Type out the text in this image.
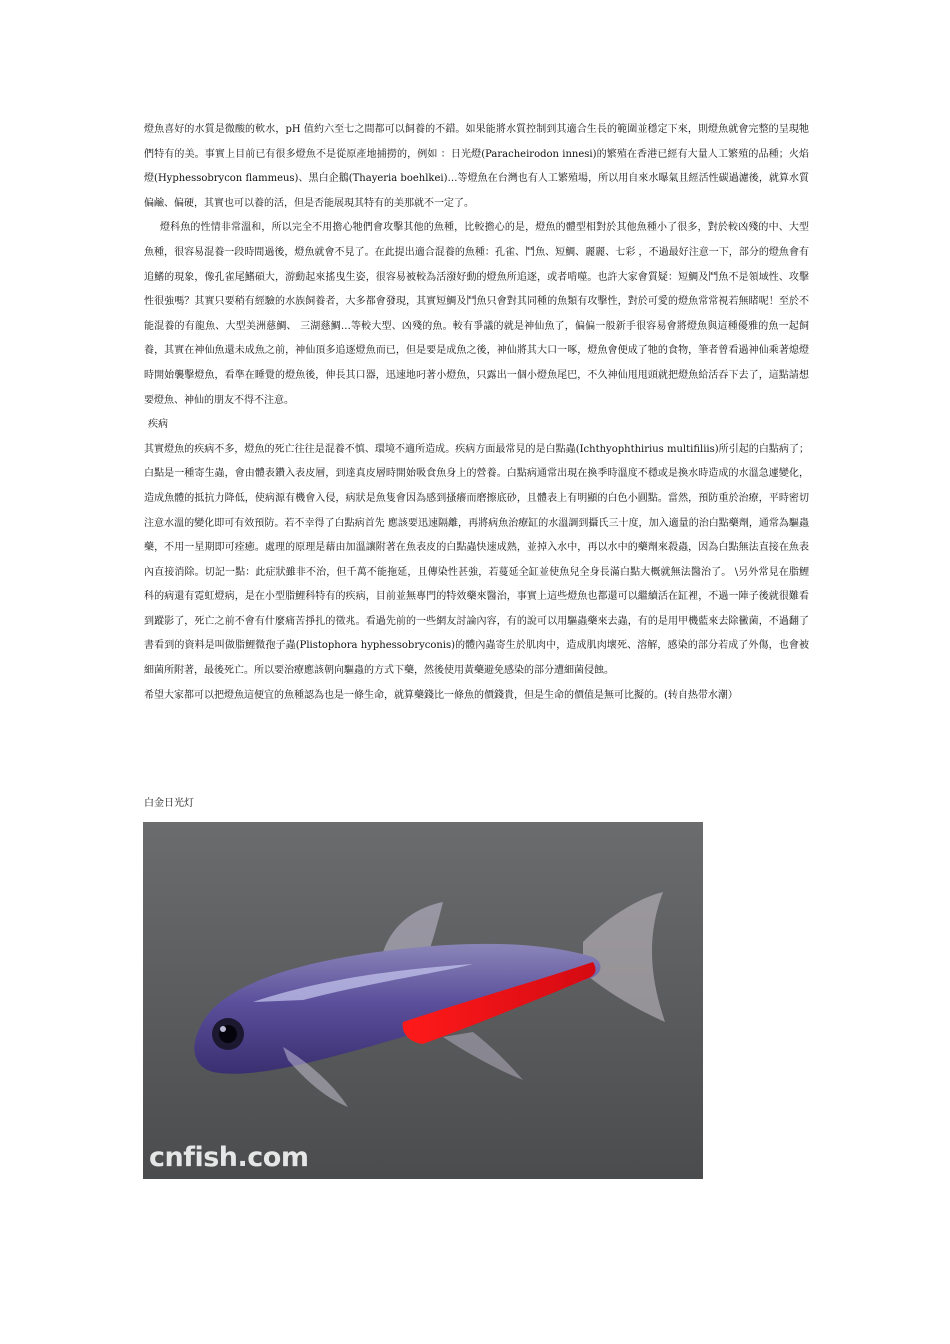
燈魚喜好的水質是微酸的軟水，pH 值約六至七之間都可以飼養的不錯。如果能將水質控制到其適合生長的範圍並穩定下來，則燈魚就會完整的呈現牠們特有的美。事實上目前已有很多燈魚不是從原產地捕撈的，例如 ：日光燈(Paracheirodon innesi)的繁殖在香港已經有大量人工繁殖的品種；火焰燈(Hyphessobrycon flammeus)、黑白企鵝(Thayeria boehlkei)…等燈魚在台灣也有人工繁殖場，所以用自來水曝氣且經活性碳過濾後，就算水質偏鹼、偏硬，其實也可以養的活，但是否能展現其特有的美那就不一定了。

燈科魚的性情非常溫和，所以完全不用擔心牠們會攻擊其他的魚種，比較擔心的是，燈魚的體型相對於其他魚種小了很多，對於較凶殘的中、大型魚種，很容易混養一段時間過後，燈魚就會不見了。在此提出適合混養的魚種：孔雀、鬥魚、短鯛、麗麗、七彩 ，不過最好注意一下，部分的燈魚會有追鰭的現象，像孔雀尾鰭碩大，游動起來搖曳生姿，很容易被較為活潑好動的燈魚所追逐，或者啃噬。也許大家會質疑：短鯛及鬥魚不是領域性、攻擊性很強嗎？其實只要稍有經驗的水族飼養者，大多都會發現，其實短鯛及鬥魚只會對其同種的魚類有攻擊性，對於可愛的燈魚常常視若無睹呢！至於不能混養的有龍魚、大型美洲慈鯛、 三湖慈鯛…等較大型、凶殘的魚。較有爭議的就是神仙魚了，偏偏一般新手很容易會將燈魚與這種優雅的魚一起飼養，其實在神仙魚還未成魚之前，神仙頂多追逐燈魚而已，但是要是成魚之後，神仙將其大口一啄，燈魚會便成了牠的食物，筆者曾看過神仙乘著熄燈時開始襲擊燈魚，看準在睡覺的燈魚後，伸長其口器，迅速地叼著小燈魚，只露出一個小燈魚尾巴，不久神仙甩甩頭就把燈魚給活吞下去了，這點請想要燈魚、神仙的朋友不得不注意。

疾病

其實燈魚的疾病不多，燈魚的死亡往往是混養不慎、環境不適所造成。疾病方面最常見的是白點蟲(Ichthyophthirius multifiliis)所引起的白點病了；白點是一種寄生蟲，會由體表鑽入表皮層，到達真皮層時開始吸食魚身上的營養。白點病通常出現在換季時溫度不穩或是換水時造成的水溫急遽變化，造成魚體的抵抗力降低，使病源有機會入侵，病狀是魚隻會因為感到搔癢而磨擦底砂，且體表上有明顯的白色小圓點。當然，預防重於治療，平時密切注意水溫的變化即可有效預防。若不幸得了白點病首先 應該要迅速隔離，再將病魚治療缸的水溫調到攝氏三十度，加入適量的治白點藥劑，通常為驅蟲藥，不用一星期即可痊癒。處理的原理是藉由加溫讓附著在魚表皮的白點蟲快速成熟，並掉入水中，再以水中的藥劑來殺蟲，因為白點無法直接在魚表內直接消除。切記一點：此症狀雖非不治，但千萬不能拖延，且傳染性甚強，若蔓延全缸並使魚兒全身長滿白點大概就無法醫治了。 \另外常見在脂鯉科的病還有霓虹燈病，是在小型脂鯉科特有的疾病，目前並無專門的特效藥來醫治，事實上這些燈魚也都還可以繼續活在缸裡，不過一陣子後就很難看到蹤影了，死亡之前不會有什麼痛苦掙扎的徵兆。看過先前的一些網友討論內容，有的說可以用驅蟲藥來去蟲，有的是用甲機藍來去除黴菌，不過翻了書看到的資料是叫做脂鯉微孢子蟲(Plistophora hyphessobryconis)的體內蟲寄生於肌肉中，造成肌肉壞死、溶解，感染的部分若成了外傷，也會被細菌所附著，最後死亡。所以要治療應該朝向驅蟲的方式下藥，然後使用黃藥避免感染的部分遭細菌侵蝕。

希望大家都可以把燈魚這便宜的魚種認為也是一條生命，就算藥錢比一條魚的價錢貴，但是生命的價值是無可比擬的。(转自热带水潮）

白金日光灯
cnfish.com
